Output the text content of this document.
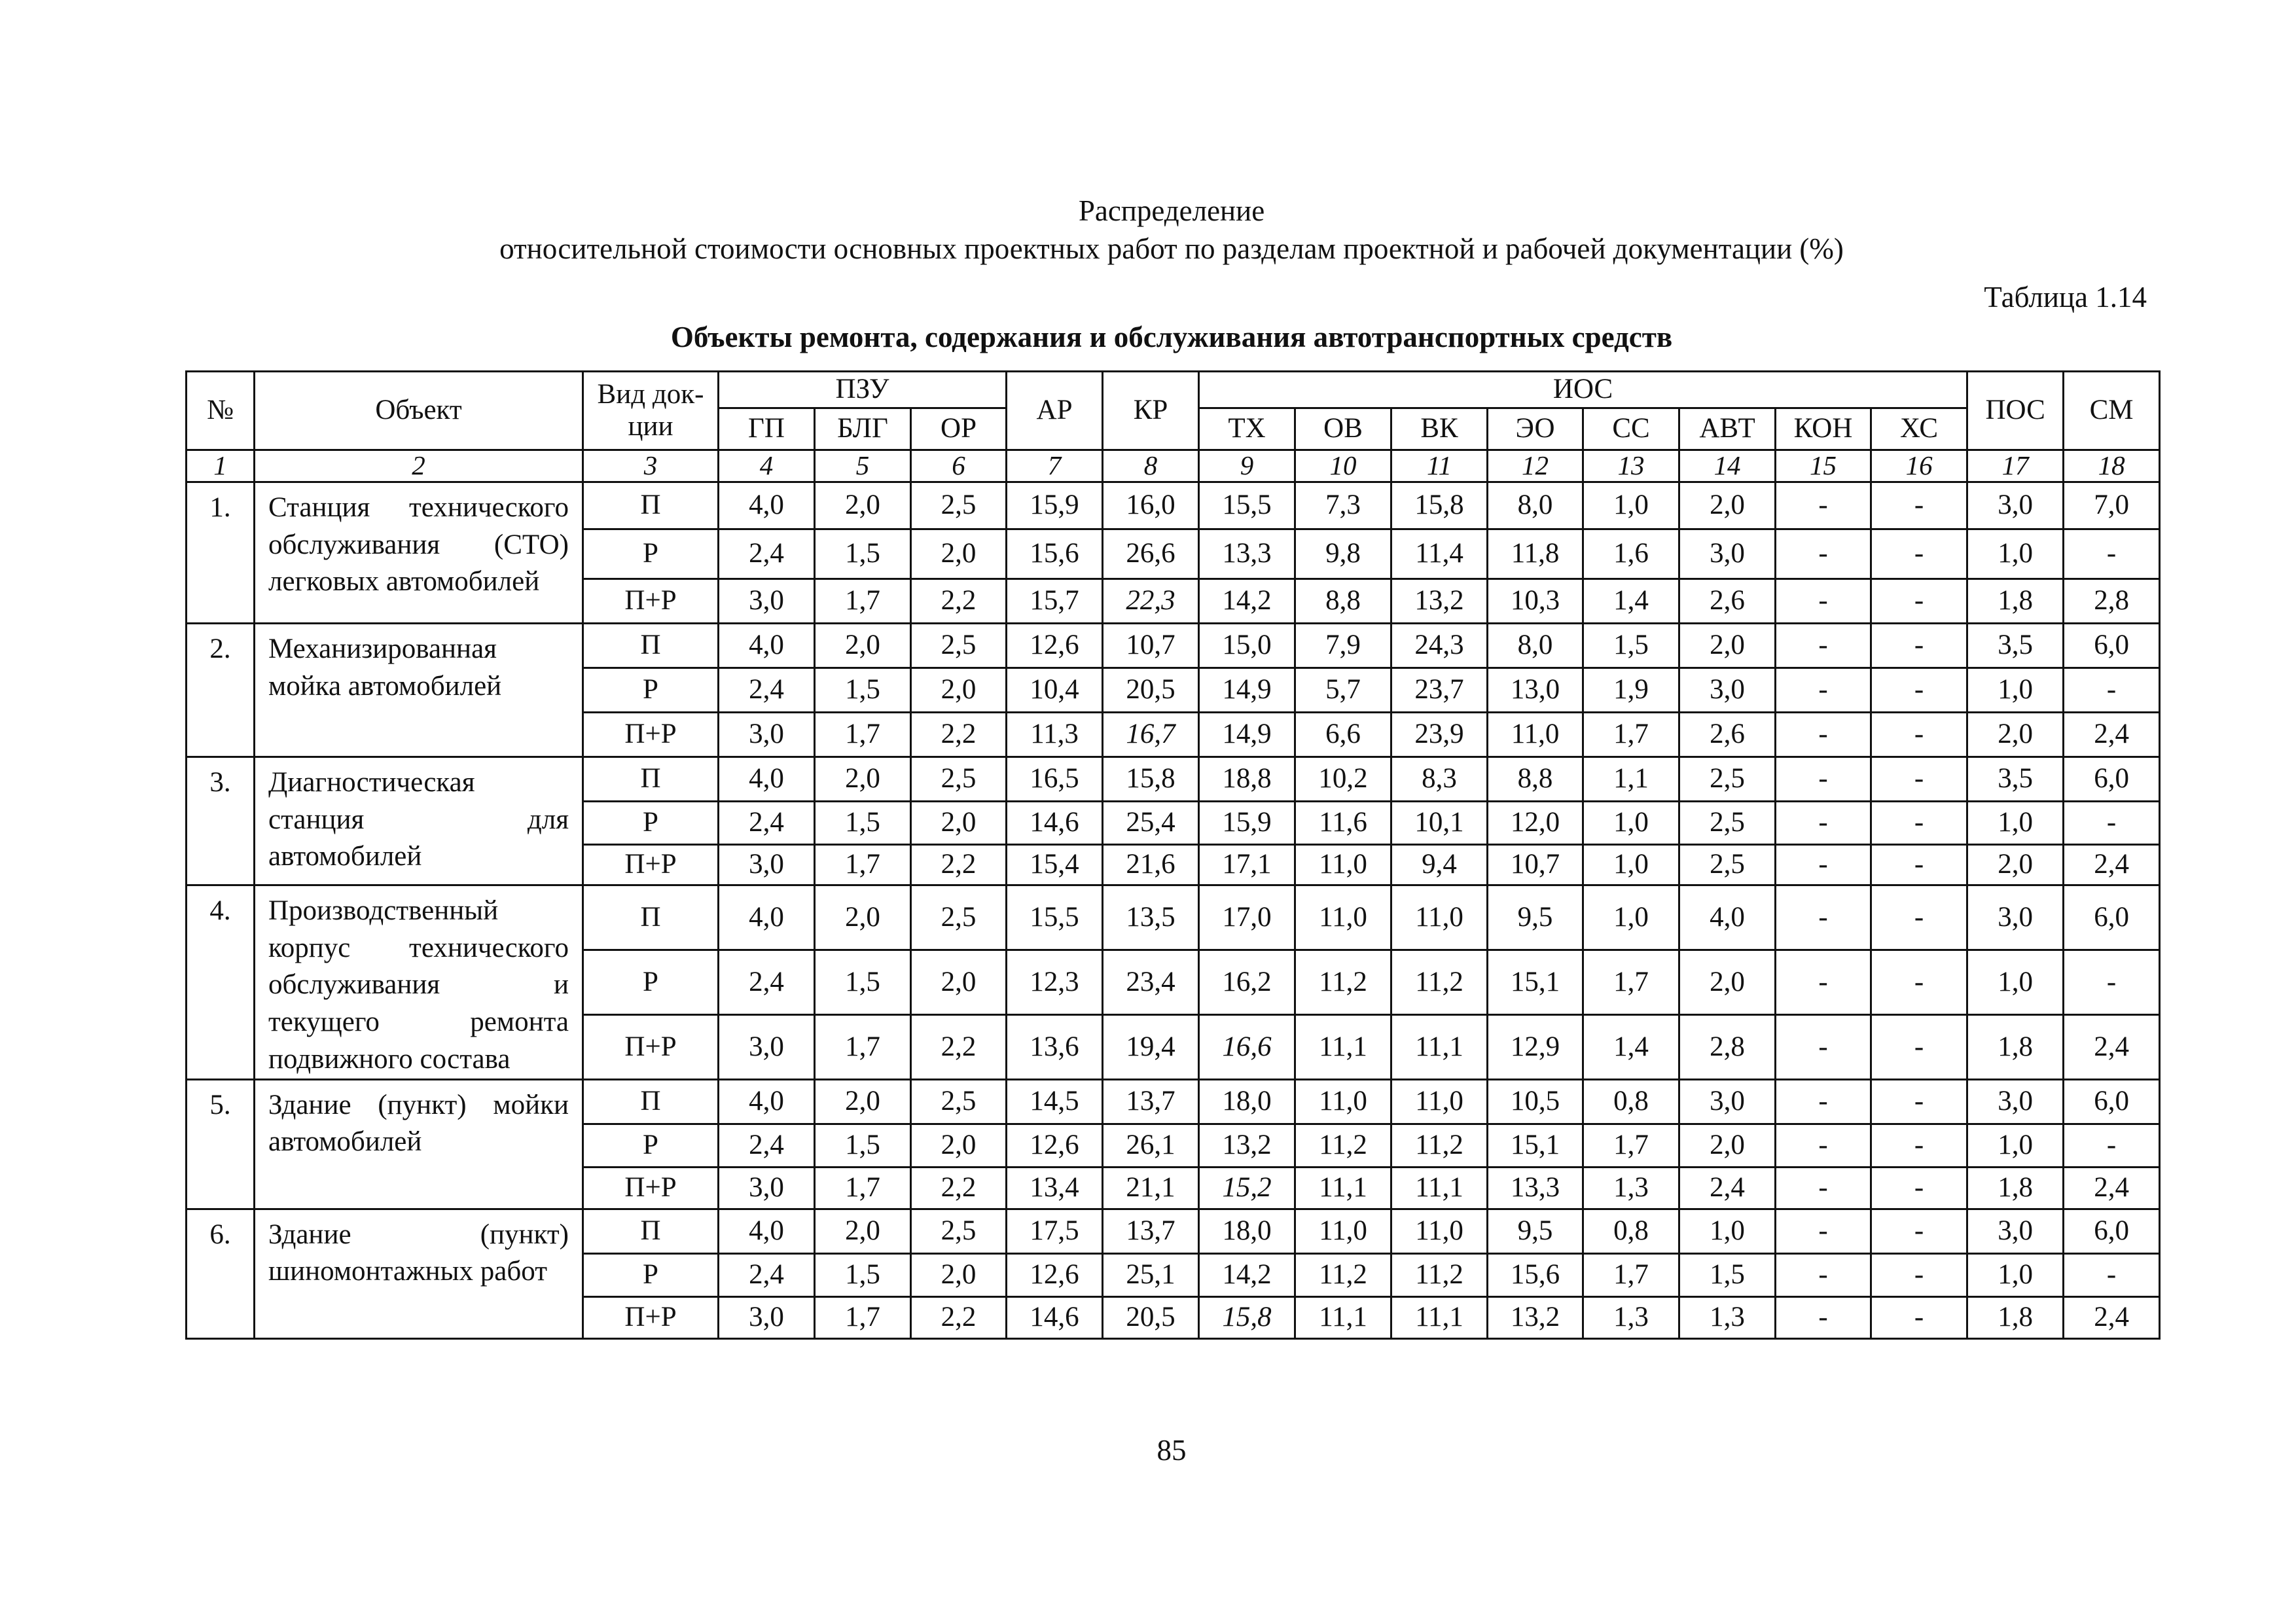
Распределение
относительной стоимости основных проектных работ по разделам проектной и рабочей документации (%)
Таблица 1.14
Объекты ремонта, содержания и обслуживания автотранспортных средств
№	Объект	Вид док-ции	ПЗУ			АР	КР	ИОС								ПОС	СМ
			ГП	БЛГ	ОР			ТХ	ОВ	ВК	ЭО	СС	АВТ	КОН	ХС		
1	2	3	4	5	6	7	8	9	10	11	12	13	14	15	16	17	18
1.	Станция технического обслуживания (СТО) легковых автомобилей	П	4,0	2,0	2,5	15,9	16,0	15,5	7,3	15,8	8,0	1,0	2,0	-	-	3,0	7,0
		Р	2,4	1,5	2,0	15,6	26,6	13,3	9,8	11,4	11,8	1,6	3,0	-	-	1,0	-
		П+Р	3,0	1,7	2,2	15,7	22,3	14,2	8,8	13,2	10,3	1,4	2,6	-	-	1,8	2,8
2.	Механизированная мойка автомобилей	П	4,0	2,0	2,5	12,6	10,7	15,0	7,9	24,3	8,0	1,5	2,0	-	-	3,5	6,0
		Р	2,4	1,5	2,0	10,4	20,5	14,9	5,7	23,7	13,0	1,9	3,0	-	-	1,0	-
		П+Р	3,0	1,7	2,2	11,3	16,7	14,9	6,6	23,9	11,0	1,7	2,6	-	-	2,0	2,4
3.	Диагностическая станция для автомобилей	П	4,0	2,0	2,5	16,5	15,8	18,8	10,2	8,3	8,8	1,1	2,5	-	-	3,5	6,0
		Р	2,4	1,5	2,0	14,6	25,4	15,9	11,6	10,1	12,0	1,0	2,5	-	-	1,0	-
		П+Р	3,0	1,7	2,2	15,4	21,6	17,1	11,0	9,4	10,7	1,0	2,5	-	-	2,0	2,4
4.	Производственный корпус технического обслуживания и текущего ремонта подвижного состава	П	4,0	2,0	2,5	15,5	13,5	17,0	11,0	11,0	9,5	1,0	4,0	-	-	3,0	6,0
		Р	2,4	1,5	2,0	12,3	23,4	16,2	11,2	11,2	15,1	1,7	2,0	-	-	1,0	-
		П+Р	3,0	1,7	2,2	13,6	19,4	16,6	11,1	11,1	12,9	1,4	2,8	-	-	1,8	2,4
5.	Здание (пункт) мойки автомобилей	П	4,0	2,0	2,5	14,5	13,7	18,0	11,0	11,0	10,5	0,8	3,0	-	-	3,0	6,0
		Р	2,4	1,5	2,0	12,6	26,1	13,2	11,2	11,2	15,1	1,7	2,0	-	-	1,0	-
		П+Р	3,0	1,7	2,2	13,4	21,1	15,2	11,1	11,1	13,3	1,3	2,4	-	-	1,8	2,4
6.	Здание (пункт) шиномонтажных работ	П	4,0	2,0	2,5	17,5	13,7	18,0	11,0	11,0	9,5	0,8	1,0	-	-	3,0	6,0
		Р	2,4	1,5	2,0	12,6	25,1	14,2	11,2	11,2	15,6	1,7	1,5	-	-	1,0	-
		П+Р	3,0	1,7	2,2	14,6	20,5	15,8	11,1	11,1	13,2	1,3	1,3	-	-	1,8	2,4
85
